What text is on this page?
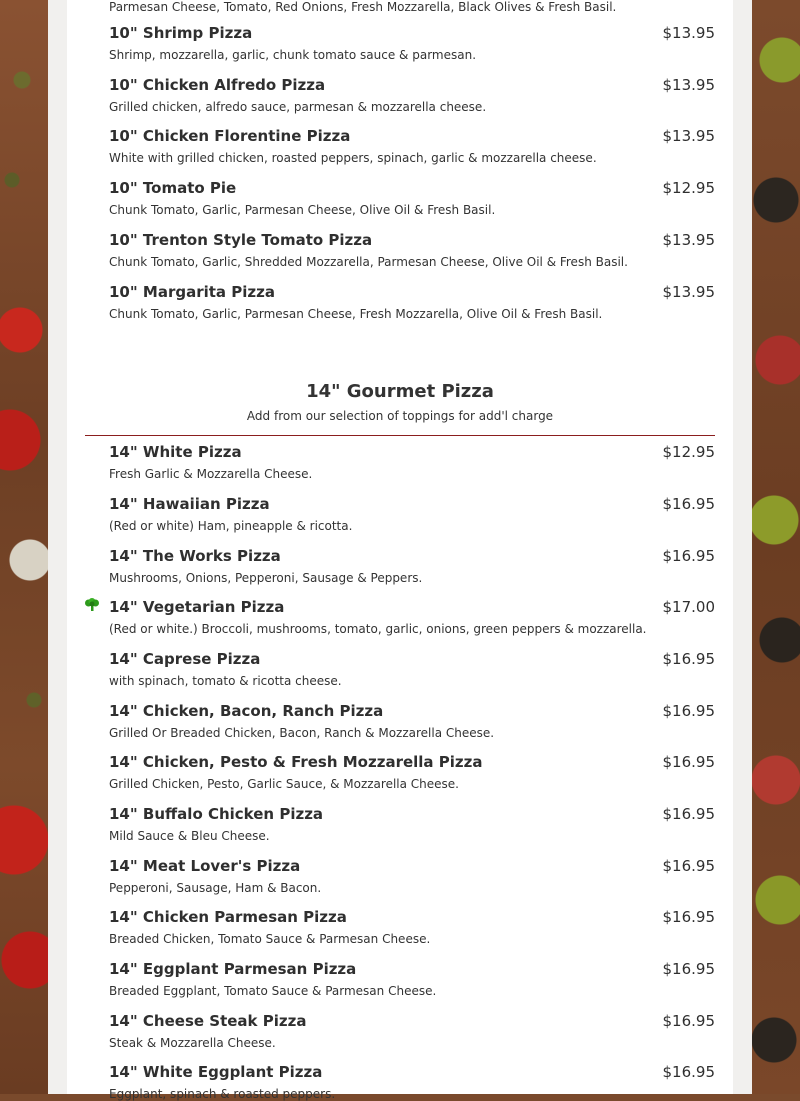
Parmesan Cheese, Tomato, Red Onions, Fresh Mozzarella, Black Olives & Fresh Basil.
10" Shrimp Pizza	$13.95
Shrimp, mozzarella, garlic, chunk tomato sauce & parmesan.
10" Chicken Alfredo Pizza	$13.95
Grilled chicken, alfredo sauce, parmesan & mozzarella cheese.
10" Chicken Florentine Pizza	$13.95
White with grilled chicken, roasted peppers, spinach, garlic & mozzarella cheese.
10" Tomato Pie	$12.95
Chunk Tomato, Garlic, Parmesan Cheese, Olive Oil & Fresh Basil.
10" Trenton Style Tomato Pizza	$13.95
Chunk Tomato, Garlic, Shredded Mozzarella, Parmesan Cheese, Olive Oil & Fresh Basil.
10" Margarita Pizza	$13.95
Chunk Tomato, Garlic, Parmesan Cheese, Fresh Mozzarella, Olive Oil & Fresh Basil.
14" Gourmet Pizza
Add from our selection of toppings for add'l charge
14" White Pizza	$12.95
Fresh Garlic & Mozzarella Cheese.
14" Hawaiian Pizza	$16.95
(Red or white) Ham, pineapple & ricotta.
14" The Works Pizza	$16.95
Mushrooms, Onions, Pepperoni, Sausage & Peppers.
14" Vegetarian Pizza	$17.00
(Red or white.) Broccoli, mushrooms, tomato, garlic, onions, green peppers & mozzarella.
14" Caprese Pizza	$16.95
with spinach, tomato & ricotta cheese.
14" Chicken, Bacon, Ranch Pizza	$16.95
Grilled Or Breaded Chicken, Bacon, Ranch & Mozzarella Cheese.
14" Chicken, Pesto & Fresh Mozzarella Pizza	$16.95
Grilled Chicken, Pesto, Garlic Sauce, & Mozzarella Cheese.
14" Buffalo Chicken Pizza	$16.95
Mild Sauce & Bleu Cheese.
14" Meat Lover's Pizza	$16.95
Pepperoni, Sausage, Ham & Bacon.
14" Chicken Parmesan Pizza	$16.95
Breaded Chicken, Tomato Sauce & Parmesan Cheese.
14" Eggplant Parmesan Pizza	$16.95
Breaded Eggplant, Tomato Sauce & Parmesan Cheese.
14" Cheese Steak Pizza	$16.95
Steak & Mozzarella Cheese.
14" White Eggplant Pizza	$16.95
Eggplant, spinach & roasted peppers.
